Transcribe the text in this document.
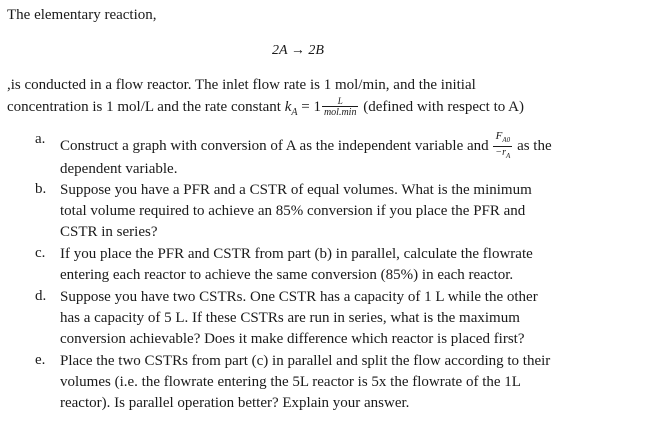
The elementary reaction,
2A → 2B
,is conducted in a flow reactor. The inlet flow rate is 1 mol/min, and the initial
concentration is 1 mol/L and the rate constant $k_A = 1 \frac{L}{\text{mol.min}}$ (defined with respect to A)
a. Construct a graph with conversion of A as the independent variable and $\frac{F_{A0}}{-r_A}$ as the
dependent variable.
b. Suppose you have a PFR and a CSTR of equal volumes. What is the minimum
total volume required to achieve an 85% conversion if you place the PFR and
CSTR in series?
c. If you place the PFR and CSTR from part (b) in parallel, calculate the flowrate
entering each reactor to achieve the same conversion (85%) in each reactor.
d. Suppose you have two CSTRs. One CSTR has a capacity of 1 L while the other
has a capacity of 5 L. If these CSTRs are run in series, what is the maximum
conversion achievable? Does it make difference which reactor is placed first?
e. Place the two CSTRs from part (c) in parallel and split the flow according to their
volumes (i.e. the flowrate entering the 5L reactor is 5x the flowrate of the 1L
reactor). Is parallel operation better? Explain your answer.
